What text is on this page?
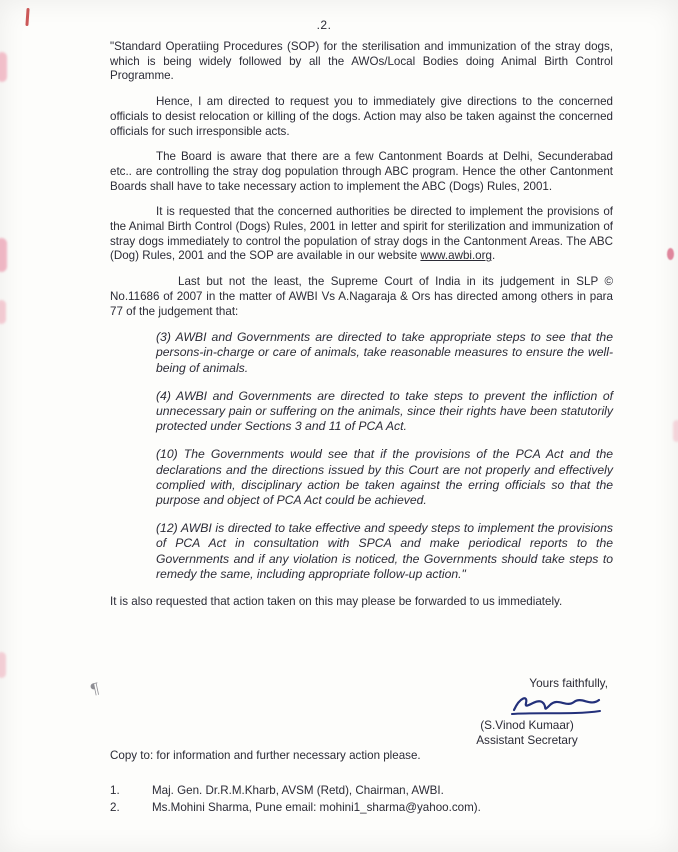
¶
.2.

"Standard Operatiing Procedures (SOP) for the sterilisation and immunization of the stray dogs, which is being widely followed by all the AWOs/Local Bodies doing Animal Birth Control Programme.

Hence, I am directed to request you to immediately give directions to the concerned officials to desist relocation or killing of the dogs. Action may also be taken against the concerned officials for such irresponsible acts.

The Board is aware that there are a few Cantonment Boards at Delhi, Secunderabad etc.. are controlling the stray dog population through ABC program. Hence the other Cantonment Boards shall have to take necessary action to implement the ABC (Dogs) Rules, 2001.

It is requested that the concerned authorities be directed to implement the provisions of the Animal Birth Control (Dogs) Rules, 2001 in letter and spirit for sterilization and immunization of stray dogs immediately to control the population of stray dogs in the Cantonment Areas. The ABC (Dog) Rules, 2001 and the SOP are available in our website www.awbi.org.

Last but not the least, the Supreme Court of India in its judgement in SLP © No.11686 of 2007 in the matter of AWBI Vs A.Nagaraja & Ors has directed among others in para 77 of the judgement that:

(3) AWBI and Governments are directed to take appropriate steps to see that the persons-in-charge or care of animals, take reasonable measures to ensure the well-being of animals.

(4) AWBI and Governments are directed to take steps to prevent the infliction of unnecessary pain or suffering on the animals, since their rights have been statutorily protected under Sections 3 and 11 of PCA Act.

(10) The Governments would see that if the provisions of the PCA Act and the declarations and the directions issued by this Court are not properly and effectively complied with, disciplinary action be taken against the erring officials so that the purpose and object of PCA Act could be achieved.

(12) AWBI is directed to take effective and speedy steps to implement the provisions of PCA Act in consultation with SPCA and make periodical reports to the Governments and if any violation is noticed, the Governments should take steps to remedy the same, including appropriate follow-up action."

It is also requested that action taken on this may please be forwarded to us immediately.

Yours faithfully,
(S.Vinod Kumaar)
Assistant Secretary
Copy to: for information and further necessary action please.
1.	Maj. Gen. Dr.R.M.Kharb, AVSM (Retd), Chairman, AWBI.
2.	Ms.Mohini Sharma, Pune email: mohini1_sharma@yahoo.com).
